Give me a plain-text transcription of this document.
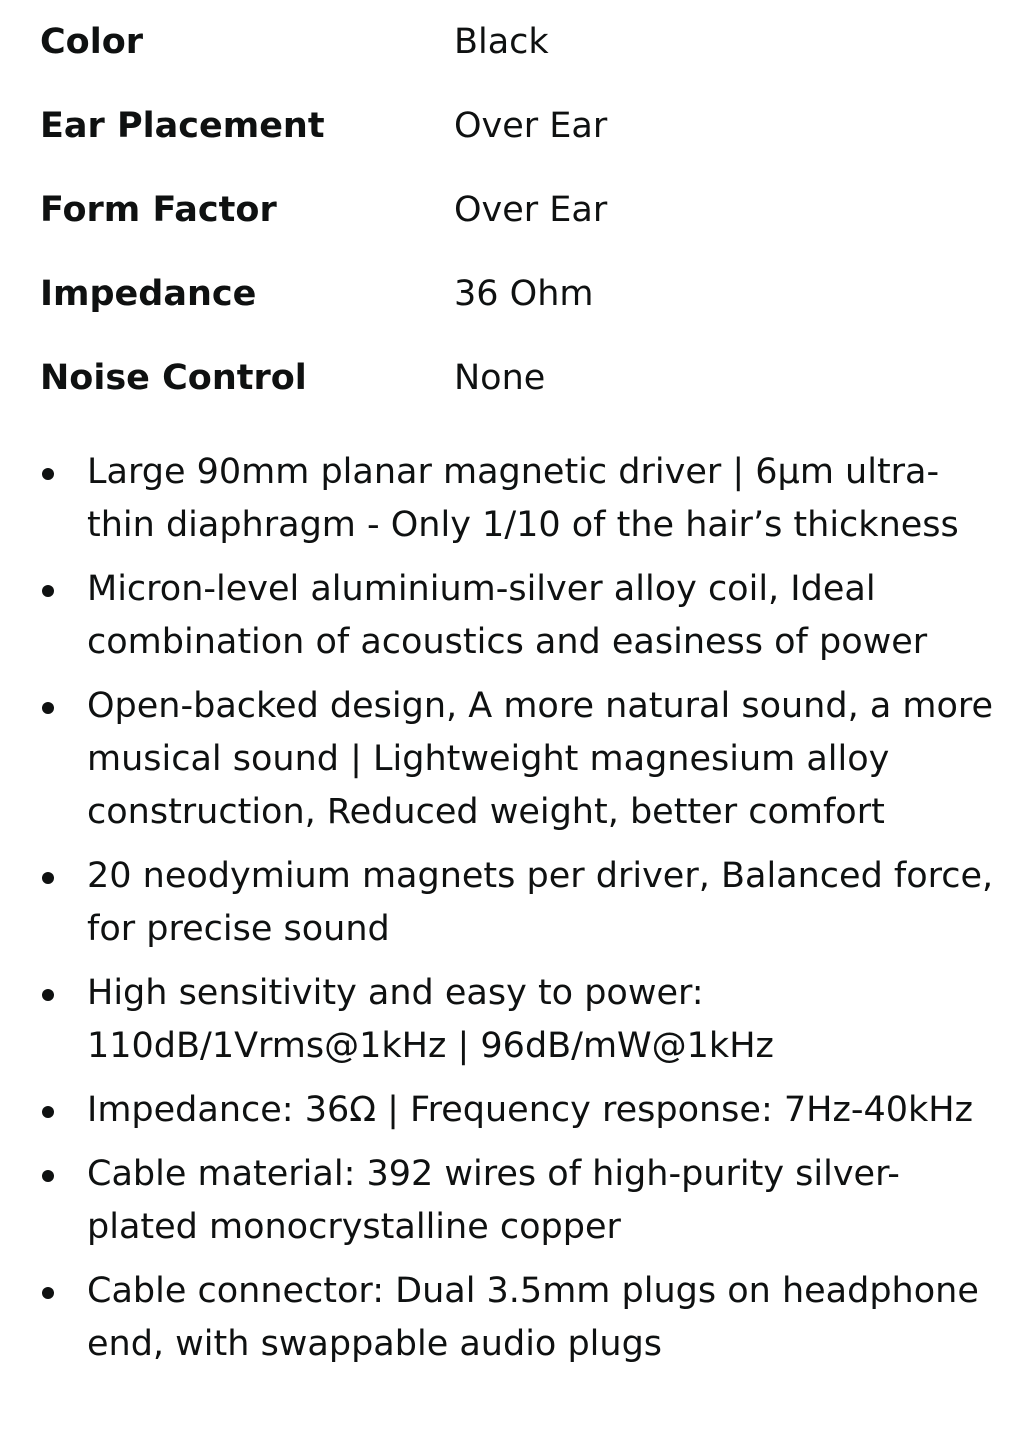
Color	Black
Ear Placement	Over Ear
Form Factor	Over Ear
Impedance	36 Ohm
Noise Control	None
Large 90mm planar magnetic driver | 6μm ultra-thin diaphragm - Only 1/10 of the hair’s thickness
Micron-level aluminium-silver alloy coil, Ideal combination of acoustics and easiness of power
Open-backed design, A more natural sound, a more musical sound | Lightweight magnesium alloy construction, Reduced weight, better comfort
20 neodymium magnets per driver, Balanced force, for precise sound
High sensitivity and easy to power: 110dB/1Vrms@1kHz | 96dB/mW@1kHz
Impedance: 36Ω | Frequency response: 7Hz-40kHz
Cable material: 392 wires of high-purity silver-plated monocrystalline copper
Cable connector: Dual 3.5mm plugs on headphone end, with swappable audio plugs
